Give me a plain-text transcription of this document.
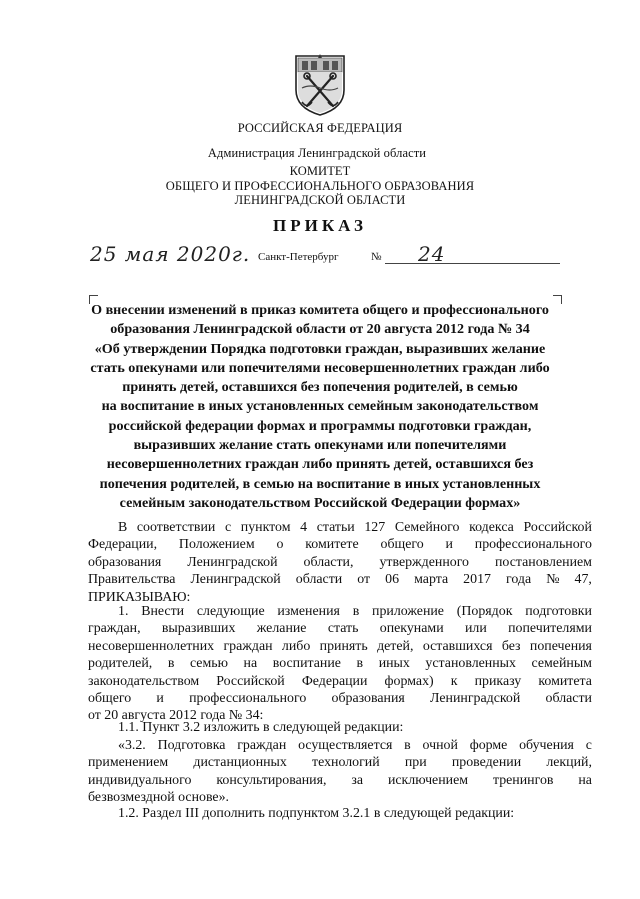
РОССИЙСКАЯ ФЕДЕРАЦИЯ
Администрация Ленинградской области
КОМИТЕТ
ОБЩЕГО И ПРОФЕССИОНАЛЬНОГО ОБРАЗОВАНИЯ
ЛЕНИНГРАДСКОЙ ОБЛАСТИ
ПРИКАЗ
25 мая 2020г. Санкт-Петербург	№ 24
О внесении изменений в приказ комитета общего и профессионального
образования Ленинградской области от 20 августа 2012 года № 34
«Об утверждении Порядка подготовки граждан, выразивших желание
стать опекунами или попечителями несовершеннолетних граждан либо
принять детей, оставшихся без попечения родителей, в семью
на воспитание в иных установленных семейным законодательством
российской федерации формах и программы подготовки граждан,
выразивших желание стать опекунами или попечителями
несовершеннолетних граждан либо принять детей, оставшихся без
попечения родителей, в семью на воспитание в иных установленных
семейным законодательством Российской Федерации формах»
В соответствии с пунктом 4 статьи 127 Семейного кодекса Российской
Федерации, Положением о комитете общего и профессионального
образования Ленинградской области, утвержденного постановлением
Правительства Ленинградской области от 06 марта 2017 года № 47,
ПРИКАЗЫВАЮ:
1. Внести следующие изменения в приложение (Порядок подготовки
граждан, выразивших желание стать опекунами или попечителями
несовершеннолетних граждан либо принять детей, оставшихся без попечения
родителей, в семью на воспитание в иных установленных семейным
законодательством Российской Федерации формах) к приказу комитета
общего и профессионального образования Ленинградской области
от 20 августа 2012 года № 34:
1.1. Пункт 3.2 изложить в следующей редакции:
«3.2. Подготовка граждан осуществляется в очной форме обучения с
применением дистанционных технологий при проведении лекций,
индивидуального консультирования, за исключением тренингов на
безвозмездной основе».
1.2. Раздел III дополнить подпунктом 3.2.1 в следующей редакции:
